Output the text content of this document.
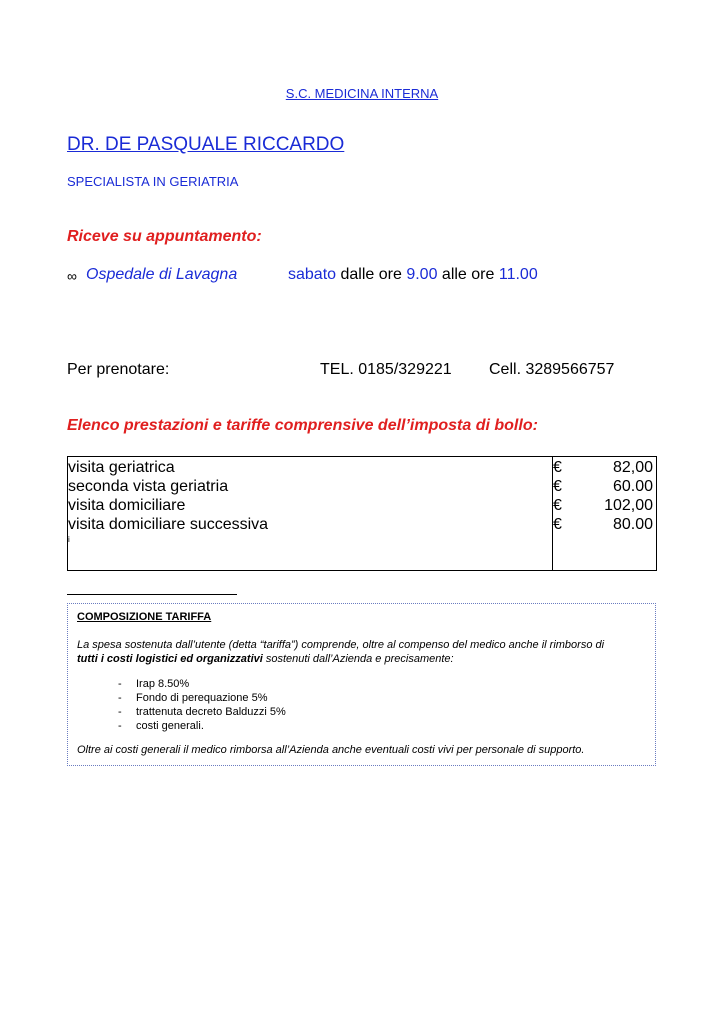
S.C. MEDICINA INTERNA
DR. DE PASQUALE RICCARDO
SPECIALISTA IN GERIATRIA
Riceve su appuntamento:
∞ Ospedale di Lavagna	sabato dalle ore 9.00 alle ore 11.00
Per prenotare:	TEL. 0185/329221 Cell. 3289566757
Elenco prestazioni e tariffe comprensive dell’imposta di bollo:
visita geriatrica	€	82,00
seconda vista geriatria	€	60.00
visita domiciliare	€	102,00
visita domiciliare successiva	€	80.00
i
COMPOSIZIONE TARIFFA
La spesa sostenuta dall’utente (detta “tariffa”) comprende, oltre al compenso del medico anche il rimborso di
tutti i costi logistici ed organizzativi sostenuti dall’Azienda e precisamente:
- Irap 8.50%
- Fondo di perequazione 5%
- trattenuta decreto Balduzzi 5%
- costi generali.
Oltre ai costi generali il medico rimborsa all’Azienda anche eventuali costi vivi per personale di supporto.
